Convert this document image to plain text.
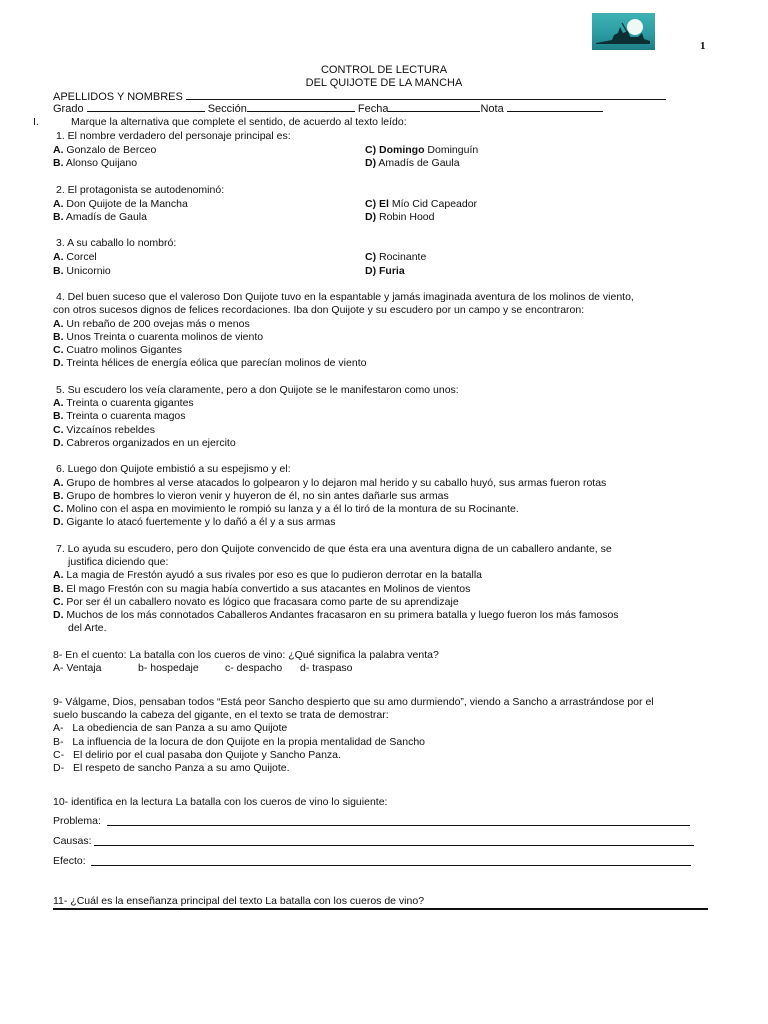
1
CONTROL DE LECTURA
DEL QUIJOTE DE LA MANCHA
APELLIDOS Y NOMBRES
Grado	Sección	Fecha	Nota
I.	Marque la alternativa que complete el sentido, de acuerdo al texto leído:
1. El nombre verdadero del personaje principal es:
A. Gonzalo de Berceo
B. Alonso Quijano
C) Domingo Dominguín
D) Amadís de Gaula
2. El protagonista se autodenominó:
A. Don Quijote de la Mancha
B. Amadís de Gaula
C) El Mío Cid Capeador
D) Robin Hood
3. A su caballo lo nombró:
A. Corcel
B. Unicornio
C) Rocinante
D) Furia
4. Del buen suceso que el valeroso Don Quijote tuvo en la espantable y jamás imaginada aventura de los molinos de viento,
con otros sucesos dignos de felices recordaciones. Iba don Quijote y su escudero por un campo y se encontraron:
A. Un rebaño de 200 ovejas más o menos
B. Unos Treinta o cuarenta molinos de viento
C. Cuatro molinos Gigantes
D. Treinta hélices de energía eólica que parecían molinos de viento
5. Su escudero los veía claramente, pero a don Quijote se le manifestaron como unos:
A. Treinta o cuarenta gigantes
B. Treinta o cuarenta magos
C. Vizcaínos rebeldes
D. Cabreros organizados en un ejercito
6. Luego don Quijote embistió a su espejismo y el:
A. Grupo de hombres al verse atacados lo golpearon y lo dejaron mal herido y su caballo huyó, sus armas fueron rotas
B. Grupo de hombres lo vieron venir y huyeron de él, no sin antes dañarle sus armas
C. Molino con el aspa en movimiento le rompió su lanza y a él lo tiró de la montura de su Rocinante.
D. Gigante lo atacó fuertemente y lo dañó a él y a sus armas
7. Lo ayuda su escudero, pero don Quijote convencido de que ésta era una aventura digna de un caballero andante, se
justifica diciendo que:
A. La magia de Frestón ayudó a sus rivales por eso es que lo pudieron derrotar en la batalla
B. El mago Frestón con su magia había convertido a sus atacantes en Molinos de vientos
C. Por ser él un caballero novato es lógico que fracasara como parte de su aprendizaje
D. Muchos de los más connotados Caballeros Andantes fracasaron en su primera batalla y luego fueron los más famosos
del Arte.
8- En el cuento: La batalla con los cueros de vino: ¿Qué significa la palabra venta?
A- Ventaja	b- hospedaje	c- despacho d- traspaso
9- Válgame, Dios, pensaban todos “Está peor Sancho despierto que su amo durmiendo”, viendo a Sancho a arrastrándose por el
suelo buscando la cabeza del gigante, en el texto se trata de demostrar:
A- La obediencia de san Panza a su amo Quijote
B- La influencia de la locura de don Quijote en la propia mentalidad de Sancho
C- El delirio por el cual pasaba don Quijote y Sancho Panza.
D- El respeto de sancho Panza a su amo Quijote.
10- identifica en la lectura La batalla con los cueros de vino lo siguiente:
Problema:
Causas:
Efecto:
11- ¿Cuál es la enseñanza principal del texto La batalla con los cueros de vino?
